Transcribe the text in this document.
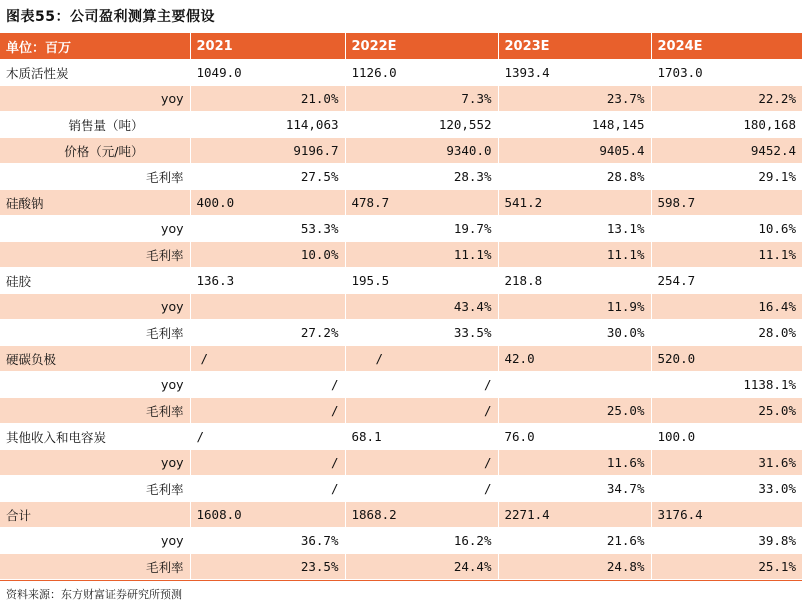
图表55：公司盈利测算主要假设
单位：百万	2021	2022E	2023E	2024E
木质活性炭	1049.0	1126.0	1393.4	1703.0
yoy	21.0%	7.3%	23.7%	22.2%
销售量（吨）	114,063	120,552	148,145	180,168
价格（元/吨）	9196.7	9340.0	9405.4	9452.4
毛利率	27.5%	28.3%	28.8%	29.1%
硅酸钠	400.0	478.7	541.2	598.7
yoy	53.3%	19.7%	13.1%	10.6%
毛利率	10.0%	11.1%	11.1%	11.1%
硅胶	136.3	195.5	218.8	254.7
yoy		43.4%	11.9%	16.4%
毛利率	27.2%	33.5%	30.0%	28.0%
硬碳负极	/	/	42.0	520.0
yoy	/	/		1138.1%
毛利率	/	/	25.0%	25.0%
其他收入和电容炭	/	68.1	76.0	100.0
yoy	/	/	11.6%	31.6%
毛利率	/	/	34.7%	33.0%
合计	1608.0	1868.2	2271.4	3176.4
yoy	36.7%	16.2%	21.6%	39.8%
毛利率	23.5%	24.4%	24.8%	25.1%
资料来源：东方财富证券研究所预测
